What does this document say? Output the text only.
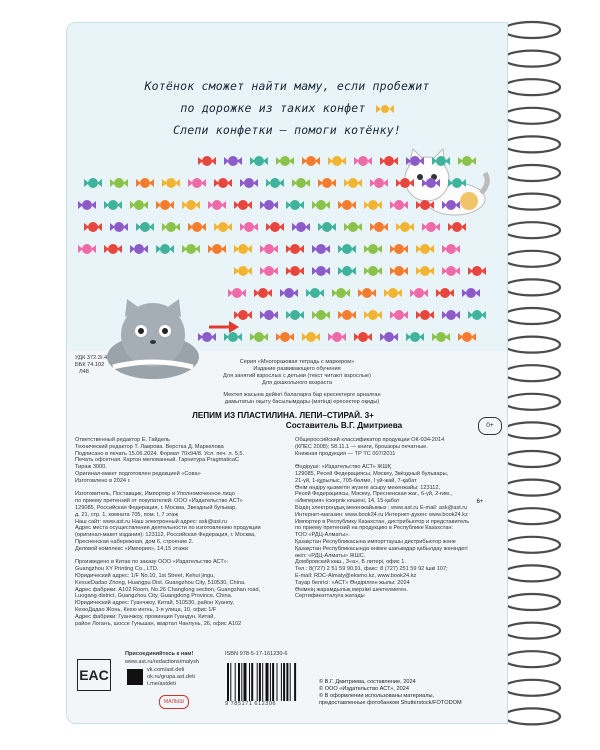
Котёнок сможет найти маму, если пробежит
по дорожке из таких конфет
Слепи конфетки — помоги котёнку!
УДК 372.3/.4
ББК 74.102
Л48
Серия «Многоразовая тетрадь с маркером»
Издание развивающего обучения
Для занятий взрослых с детьми (текст читают взрослые)
Для дошкольного возраста
Мектеп жасына дейінгі балаларға бар ересектерге арналған
дамытатын оқыту басылымдары (мәтінді ересектер оқиды)
0+
ЛЕПИМ ИЗ ПЛАСТИЛИНА. ЛЕПИ–СТИРАЙ. 3+
Составитель В.Г. Дмитриева
Ответственный редактор Е. Гайдель
Технический редактор Т. Лаврова. Верстка Д. Маркелова
Подписано в печать 15.06.2024. Формат 70х94/8. Усл. печ. л. 5,5.
Печать офсетная. Картон мелованный. Гарнитура PragmaticaC
Тираж 3000.
Оригинал-макет подготовлен редакцией «Сова»
Изготовлено в 2024 г.

Изготовитель, Поставщик, Импортер и Уполномоченное лицо
по приему претензий от покупателей: ООО «Издательство АСТ»
129085, Российская Федерация, г. Москва, Звездный бульвар,
д. 21, стр. 1, комната 705, пом. I, 7 этаж
Наш сайт: www.ast.ru Наш электронный адрес: ask@ast.ru
Адрес места осуществления деятельности по изготовлению продукции
(оригинал-макет издания): 123112, Российская Федерация, г. Москва,
Пресненская набережная, дом 6, строение 2.
Деловой комплекс «Империя», 14,15 этажи

Произведено в Китае по заказу ООО «Издательство АСТ»:
Guangzhou XY Printing Co., LTD.
Юридический адрес: 1/F No.10, 1st Street, Kehui jingu,
KexueDadao Zhong, Huangpu Dist. Guangzhou City, 510530, China.
Адрес фабрики: A102 Room, No.26 Changlong section, Guangshan road,
Luogang district, Guangzhou City, Guangdong Province, China.
Юридический адрес: Гуанчжоу, Китай, 510530, район Хуанпу,
КехюДадао Жонь, Кехю ингнь, 1-я улица, 10, офис 1/F
Адрес фабрики: Гуанчжоу, провинция Гуандун, Китай,
район Логанъ, шоссе Гуньшан, квартал Чанлунь, 26, офис A102
Общероссийский классификатор продукции ОК-034-2014
(КПЕС 2008); 58.11.1 — книги, брошюры печатные.
Книжная продукция — ТР ТС 007/2011

Өндіруші: «Издательство АСТ» ЖШҚ
129085, Ресей Федерациясы, Мәскеу, Звёздный бульвары,
21-үй, 1-құрылыс, 705-бөлме, I үй-жай, 7-қабат
Өнім өндіру қызметін жүзеге асыру мекенжайы: 123112,
Ресей Федерациясы, Мәскеу, Пресненская жаг., 6-үй, 2-ғим.,
«Империя» іскерлік кешені, 14, 15-қабат
Біздің электрондық мекенжайымыз : www.ast.ru E-mail: ask@ast.ru
Интернет-магазин: www.book24.ru Интернет-дүкен: www.book24.kz
Импортер в Республику Казахстан, дистрибьютор и представитель
по приему претензий на продукцию в Республике Казахстан:
ТОО «РДЦ-Алматы».
Қазақстан Республикасына импорттаушы дистрибьютор және
Қазақстан Республикасында өнімге шағымдар қабылдау жөніндегі
өкіл: «РДЦ-Алматы» ЖШС.
Домбровский көш., 3«а», Б литері, офис 1.
Тел.: 8(727) 2 51 59 90,91, факс: 8 (727) 251 59 92 ішкі 107;
E-mail: RDC-Almaty@eksmo.kz, www.book24.kz
Тауар белгісі: «АСТ» Өндірілген жылы: 2024
Өнімнің жарамдылық мерзімі шектелмеген.
Сертификатталуға жатады
6+
EAC
Присоединяйтесь к нам!
www.ast.ru/redactions/malysh
vk.com/ast.deti
ok.ru/grupa.ast.deti
t.me/astdeti
МАЛЫШ
ISBN 978-5-17-161230-6
9 785171 612306
© В.Г. Дмитриева, составление, 2024
© ООО «Издательство АСТ», 2024
© В оформлении использованы материалы,
предоставленные фотобанком Shutterstock/FOTODOM
